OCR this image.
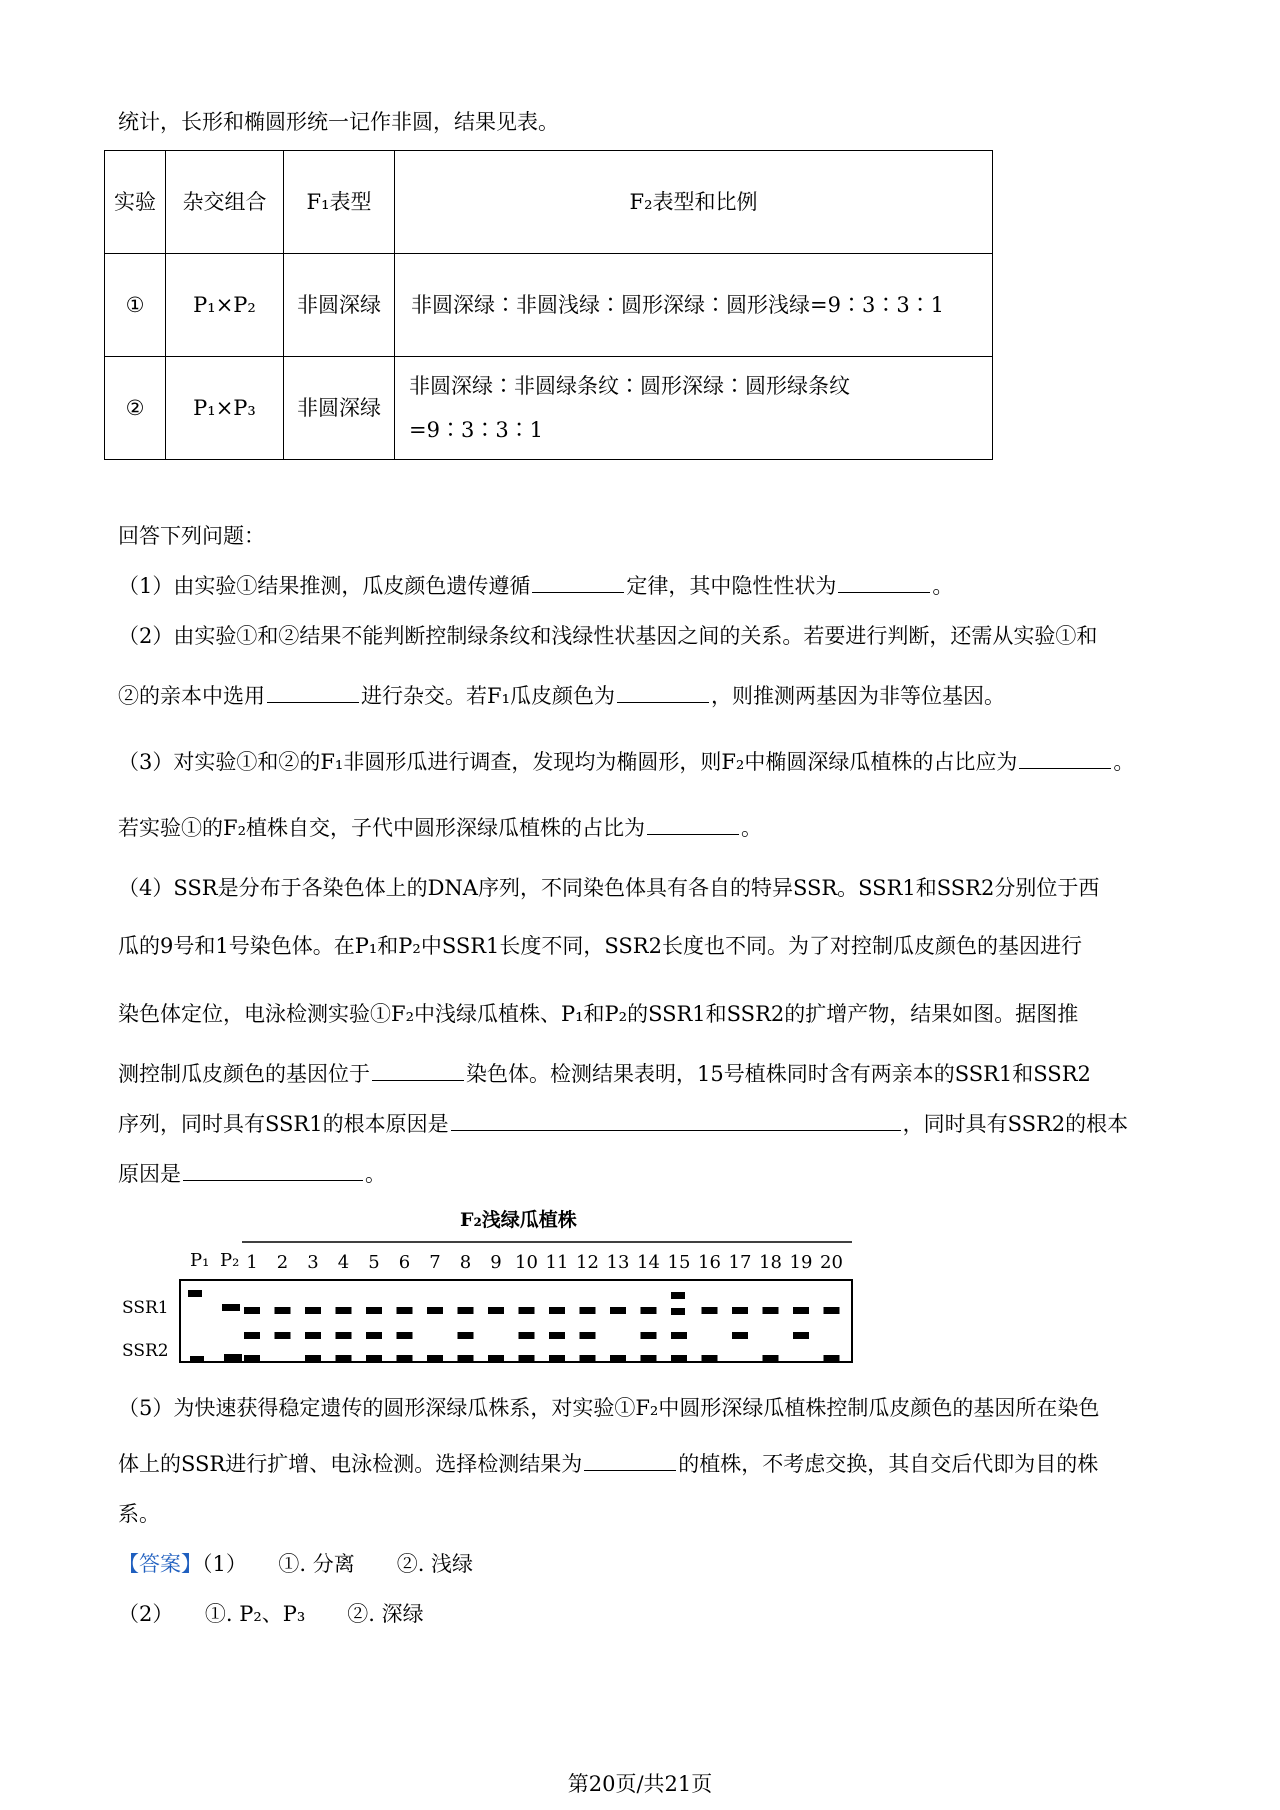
统计，长形和椭圆形统一记作非圆，结果见表。
实验	杂交组合	F₁表型	F₂表型和比例
①	P₁×P₂	非圆深绿	非圆深绿∶非圆浅绿∶圆形深绿∶圆形浅绿=9∶3∶3∶1
②	P₁×P₃	非圆深绿	非圆深绿∶非圆绿条纹∶圆形深绿∶圆形绿条纹=9∶3∶3∶1
回答下列问题：
（1）由实验①结果推测，瓜皮颜色遗传遵循	定律，其中隐性性状为	。
（2）由实验①和②结果不能判断控制绿条纹和浅绿性状基因之间的关系。若要进行判断，还需从实验①和
②的亲本中选用	进行杂交。若F₁瓜皮颜色为	，则推测两基因为非等位基因。
（3）对实验①和②的F₁非圆形瓜进行调查，发现均为椭圆形，则F₂中椭圆深绿瓜植株的占比应为	。
若实验①的F₂植株自交，子代中圆形深绿瓜植株的占比为	。
（4）SSR是分布于各染色体上的DNA序列，不同染色体具有各自的特异SSR。SSR1和SSR2分别位于西
瓜的9号和1号染色体。在P₁和P₂中SSR1长度不同，SSR2长度也不同。为了对控制瓜皮颜色的基因进行
染色体定位，电泳检测实验①F₂中浅绿瓜植株、P₁和P₂的SSR1和SSR2的扩增产物，结果如图。据图推
测控制瓜皮颜色的基因位于	染色体。检测结果表明，15号植株同时含有两亲本的SSR1和SSR2
序列，同时具有SSR1的根本原因是	，同时具有SSR2的根本
原因是	。
F₂浅绿瓜植株
P₁ P₂ 1 2 3 4 5 6 7 8 9 10 11 12 13 14 15 16 17 18 19 20
SSR1
SSR2
（5）为快速获得稳定遗传的圆形深绿瓜株系，对实验①F₂中圆形深绿瓜植株控制瓜皮颜色的基因所在染色
体上的SSR进行扩增、电泳检测。选择检测结果为	的植株，不考虑交换，其自交后代即为目的株
系。
【答案】（1）　　①. 分离　　②. 浅绿
（2）　　①. P₂、P₃　　②. 深绿
第20页/共21页
